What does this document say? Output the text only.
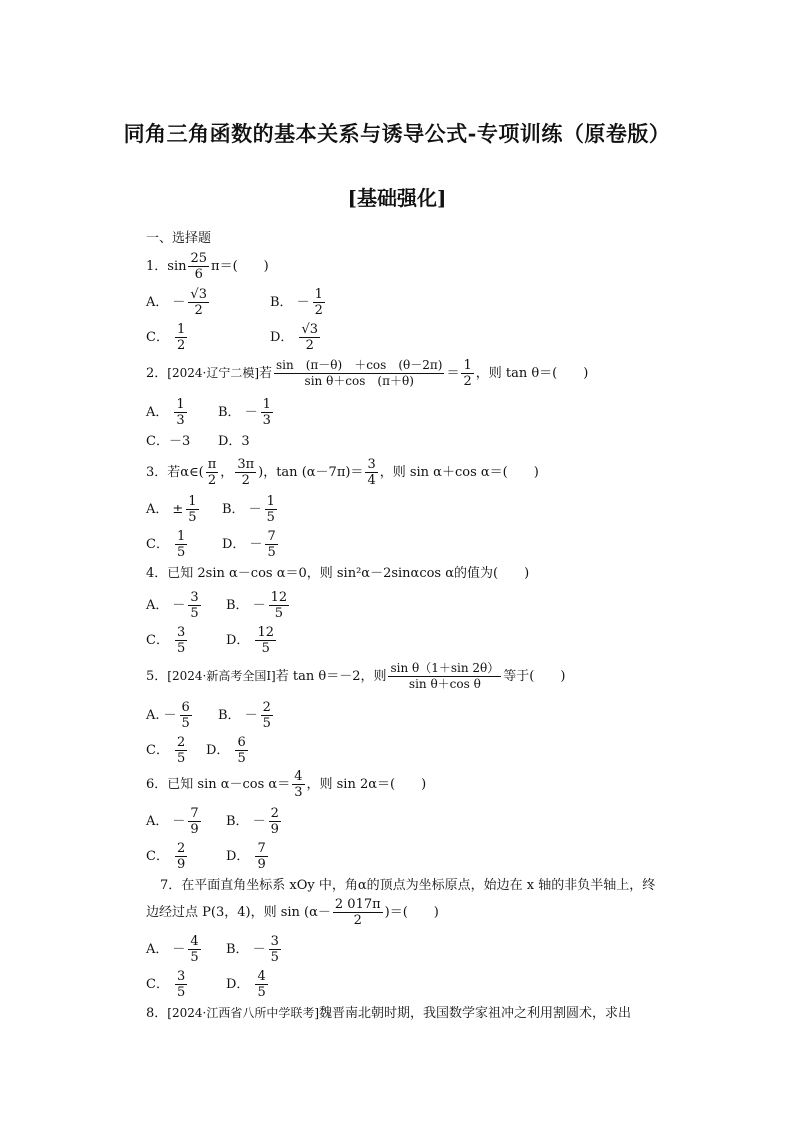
同角三角函数的基本关系与诱导公式-专项训练（原卷版）
[基础强化]
一、选择题
1．$\sin \frac{25}{6} \pi=$(　　)
A． － $\frac{√3}{2}$	B． － $\frac{1}{2}$
C． $\frac{1}{2}$	D． $\frac{√3}{2}$
2． [2024·辽宁二模] 若 $\frac{\sin (\pi-\theta) +\cos (\theta-2\pi)}{\text{sin θ＋cos　(π＋θ)}} = \frac{1}{2}$ ，则 tan θ＝(　　)
A． $\frac{1}{3}$ B． － $\frac{1}{3}$
C．－3	D．3
3．若α∈( $\frac{\pi}{2}$ ， $\frac{3\pi}{2}$ )，$\tan (\alpha-7\pi)= \frac{3}{4}$ ，则 sin α＋cos α＝(　　)
A． ± $\frac{1}{5}$ B． － $\frac{1}{5}$
C． $\frac{1}{5}$	D． － $\frac{7}{5}$
4．已知 2sin α－cos α＝0，则 sin²α－2sinαcos α的值为(　　)
A． － $\frac{3}{5}$ B． － $\frac{12}{5}$
C． $\frac{3}{5}$	D． $\frac{12}{5}$
5． [2024·新高考全国Ⅰ] 若 tan θ＝－2，则 $\frac{\text{sin θ（1＋sin 2θ）}}{\text{sin θ＋cos θ}}$ 等于(　　)
A. － $\frac{6}{5}$ B． － $\frac{2}{5}$
C． $\frac{2}{5}$ D． $\frac{6}{5}$
6．已知 sin α－cos $\alpha= \frac{4}{3}$ ，则 sin 2α＝(　　)
A． － $\frac{7}{9}$ B． － $\frac{2}{9}$
C． $\frac{2}{9}$	D． $\frac{7}{9}$
7．在平面直角坐标系 xOy 中，角α的顶点为坐标原点，始边在 x 轴的非负半轴上，终
边经过点 P(3，4)，则 $\sin (\alpha- \frac{2 017\pi}{2}$ )＝(　　)
A． － $\frac{4}{5}$ B． － $\frac{3}{5}$
C． $\frac{3}{5}$	D． $\frac{4}{5}$
8． [2024·江西省八所中学联考] 魏晋南北朝时期，我国数学家祖冲之利用割圆术，求出
